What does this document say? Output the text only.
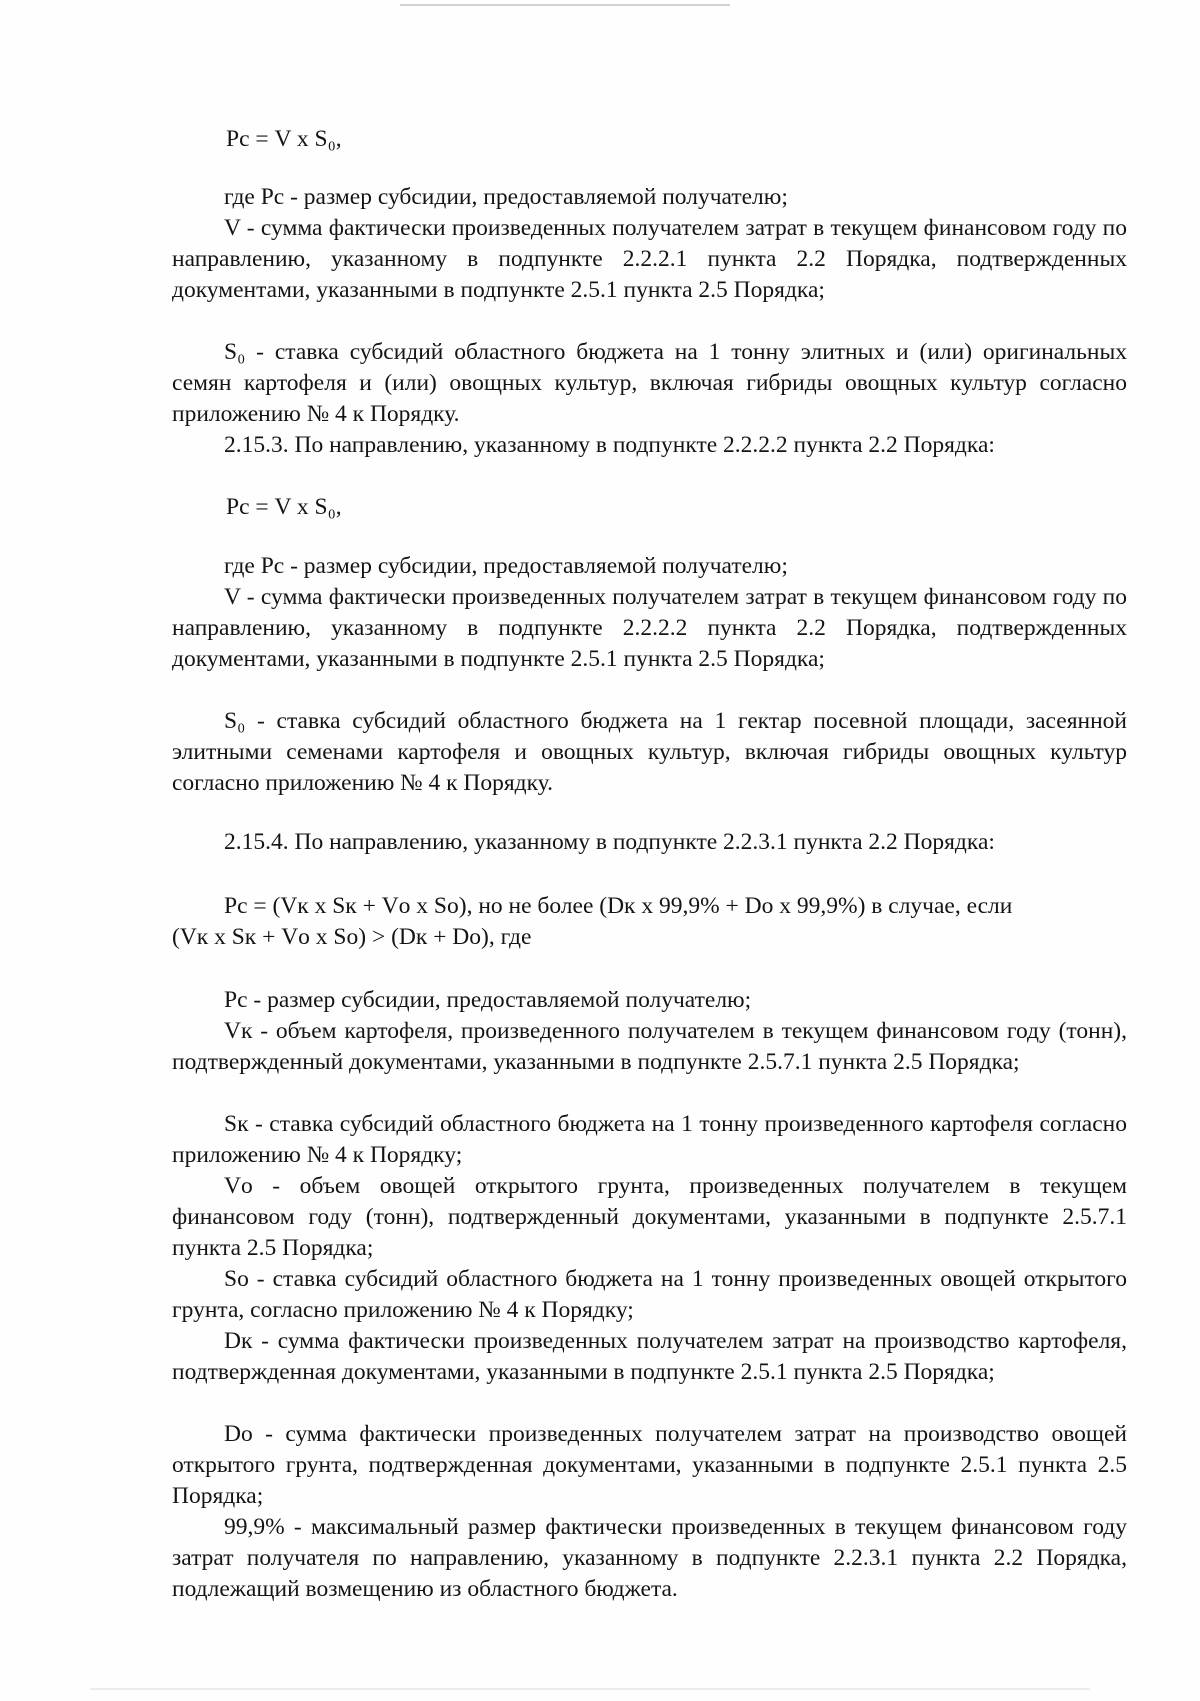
Рс = V х S₀,

где Рс - размер субсидии, предоставляемой получателю;

V - сумма фактически произведенных получателем затрат в текущем финансовом году по направлению, указанному в подпункте 2.2.2.1 пункта 2.2 Порядка, подтвержденных документами, указанными в подпункте 2.5.1 пункта 2.5 Порядка;

S₀ - ставка субсидий областного бюджета на 1 тонну элитных и (или) оригинальных семян картофеля и (или) овощных культур, включая гибриды овощных культур согласно приложению № 4 к Порядку.

2.15.3. По направлению, указанному в подпункте 2.2.2.2 пункта 2.2 Порядка:

Рс = V х S₀,

где Рс - размер субсидии, предоставляемой получателю;

V - сумма фактически произведенных получателем затрат в текущем финансовом году по направлению, указанному в подпункте 2.2.2.2 пункта 2.2 Порядка, подтвержденных документами, указанными в подпункте 2.5.1 пункта 2.5 Порядка;

S₀ - ставка субсидий областного бюджета на 1 гектар посевной площади, засеянной элитными семенами картофеля и овощных культур, включая гибриды овощных культур согласно приложению № 4 к Порядку.

2.15.4. По направлению, указанному в подпункте 2.2.3.1 пункта 2.2 Порядка:

Рс = (Vк х Sк + Vо х Sо), но не более (Dк х 99,9% + Dо х 99,9%) в случае, если

(Vк х Sк + Vо х Sо) > (Dк + Dо), где

Рс - размер субсидии, предоставляемой получателю;

Vк - объем картофеля, произведенного получателем в текущем финансовом году (тонн), подтвержденный документами, указанными в подпункте 2.5.7.1 пункта 2.5 Порядка;

Sк - ставка субсидий областного бюджета на 1 тонну произведенного картофеля согласно приложению № 4 к Порядку;

Vо - объем овощей открытого грунта, произведенных получателем в текущем финансовом году (тонн), подтвержденный документами, указанными в подпункте 2.5.7.1 пункта 2.5 Порядка;

Sо - ставка субсидий областного бюджета на 1 тонну произведенных овощей открытого грунта, согласно приложению № 4 к Порядку;

Dк - сумма фактически произведенных получателем затрат на производство картофеля, подтвержденная документами, указанными в подпункте 2.5.1 пункта 2.5 Порядка;

Dо - сумма фактически произведенных получателем затрат на производство овощей открытого грунта, подтвержденная документами, указанными в подпункте 2.5.1 пункта 2.5 Порядка;

99,9% - максимальный размер фактически произведенных в текущем финансовом году затрат получателя по направлению, указанному в подпункте 2.2.3.1 пункта 2.2 Порядка, подлежащий возмещению из областного бюджета.
